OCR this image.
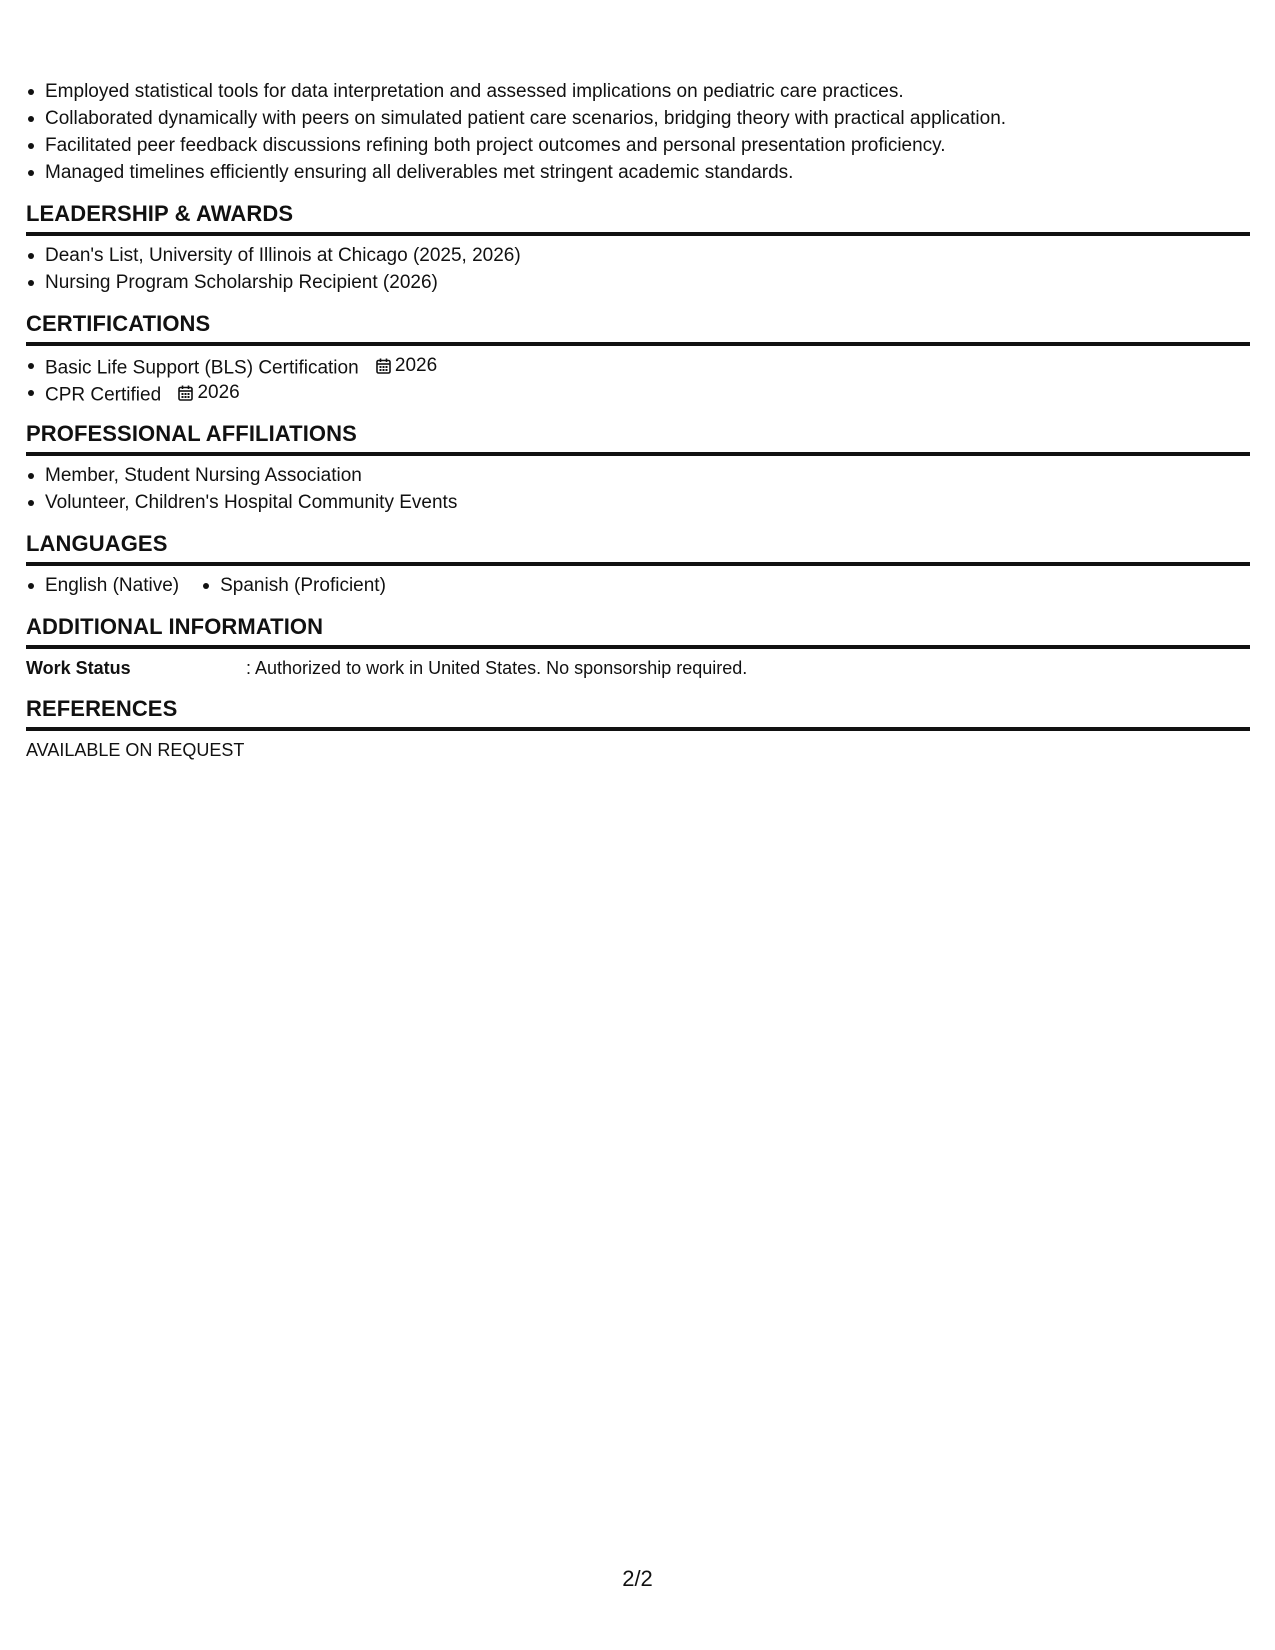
Employed statistical tools for data interpretation and assessed implications on pediatric care practices.
Collaborated dynamically with peers on simulated patient care scenarios, bridging theory with practical application.
Facilitated peer feedback discussions refining both project outcomes and personal presentation proficiency.
Managed timelines efficiently ensuring all deliverables met stringent academic standards.
LEADERSHIP & AWARDS
Dean's List, University of Illinois at Chicago (2025, 2026)
Nursing Program Scholarship Recipient (2026)
CERTIFICATIONS
Basic Life Support (BLS) Certification 2026
CPR Certified 2026
PROFESSIONAL AFFILIATIONS
Member, Student Nursing Association
Volunteer, Children's Hospital Community Events
LANGUAGES
English (Native)	Spanish (Proficient)
ADDITIONAL INFORMATION
Work Status	: Authorized to work in United States. No sponsorship required.
REFERENCES
AVAILABLE ON REQUEST
2/2
